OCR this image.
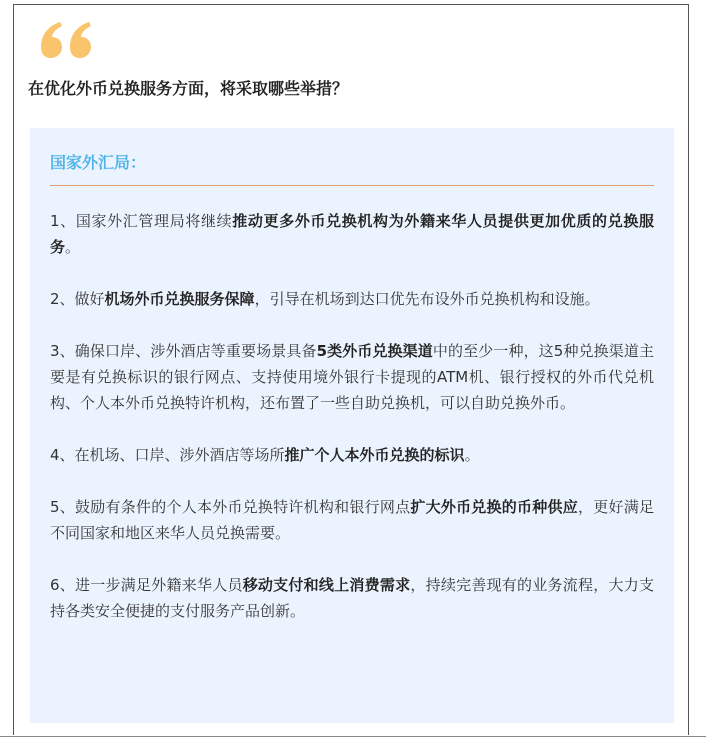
在优化外币兑换服务方面，将采取哪些举措？
国家外汇局：

1、国家外汇管理局将继续推动更多外币兑换机构为外籍来华人员提供更加优质的兑换服务。

2、做好机场外币兑换服务保障，引导在机场到达口优先布设外币兑换机构和设施。

3、确保口岸、涉外酒店等重要场景具备5类外币兑换渠道中的至少一种，这5种兑换渠道主要是有兑换标识的银行网点、支持使用境外银行卡提现的ATM机、银行授权的外币代兑机构、个人本外币兑换特许机构，还布置了一些自助兑换机，可以自助兑换外币。

4、在机场、口岸、涉外酒店等场所推广个人本外币兑换的标识。

5、鼓励有条件的个人本外币兑换特许机构和银行网点扩大外币兑换的币种供应，更好满足不同国家和地区来华人员兑换需要。

6、进一步满足外籍来华人员移动支付和线上消费需求，持续完善现有的业务流程，大力支持各类安全便捷的支付服务产品创新。
